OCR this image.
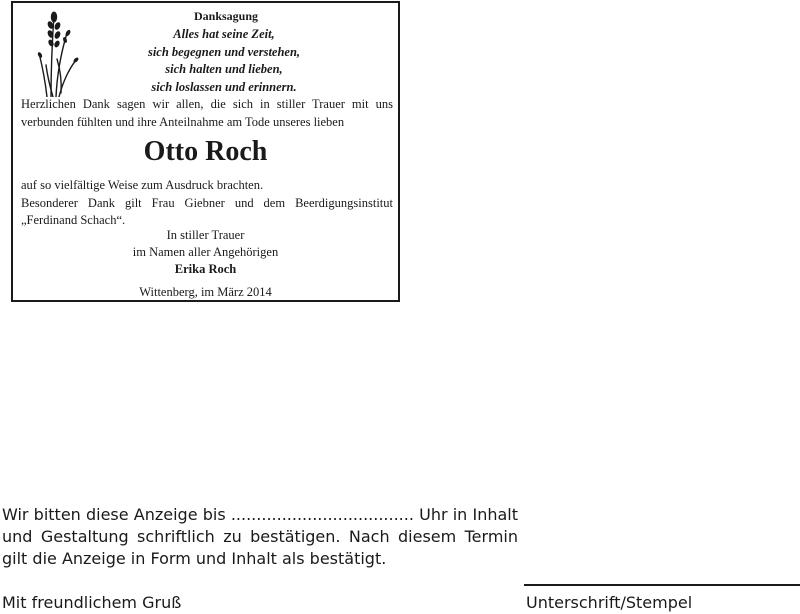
Danksagung
Alles hat seine Zeit,
sich begegnen und verstehen,
sich halten und lieben,
sich loslassen und erinnern.
Herzlichen Dank sagen wir allen, die sich in stiller Trauer mit uns verbunden fühlten und ihre Anteilnahme am Tode unseres lieben
Otto Roch
auf so vielfältige Weise zum Ausdruck brachten.
Besonderer Dank gilt Frau Giebner und dem Beerdigungsinstitut „Ferdinand Schach“.
In stiller Trauer
im Namen aller Angehörigen
Erika Roch
Wittenberg, im März 2014
Wir bitten diese Anzeige bis .................................... Uhr in Inhalt und Gestaltung schriftlich zu bestätigen. Nach diesem Termin gilt die Anzeige in Form und Inhalt als bestätigt.
Mit freundlichem Gruß	Unterschrift/Stempel
